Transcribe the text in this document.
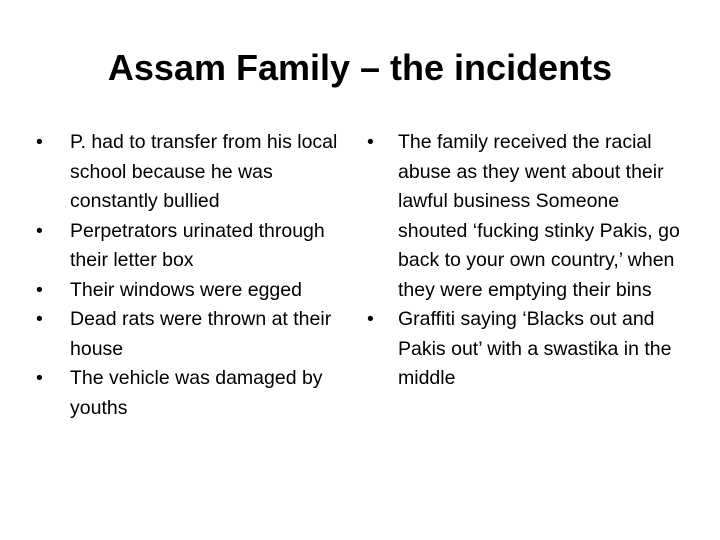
Assam Family – the incidents
•	P. had to transfer from his local school because he was constantly bullied
•	Perpetrators urinated through their letter box
•	Their windows were egged
•	Dead rats were thrown at their house
•	The vehicle was damaged by youths
•	The family received the racial abuse as they went about their lawful business Someone shouted ‘fucking stinky Pakis, go back to your own country,’ when they were emptying their bins
•	Graffiti saying ‘Blacks out and Pakis out’ with a swastika in the middle
